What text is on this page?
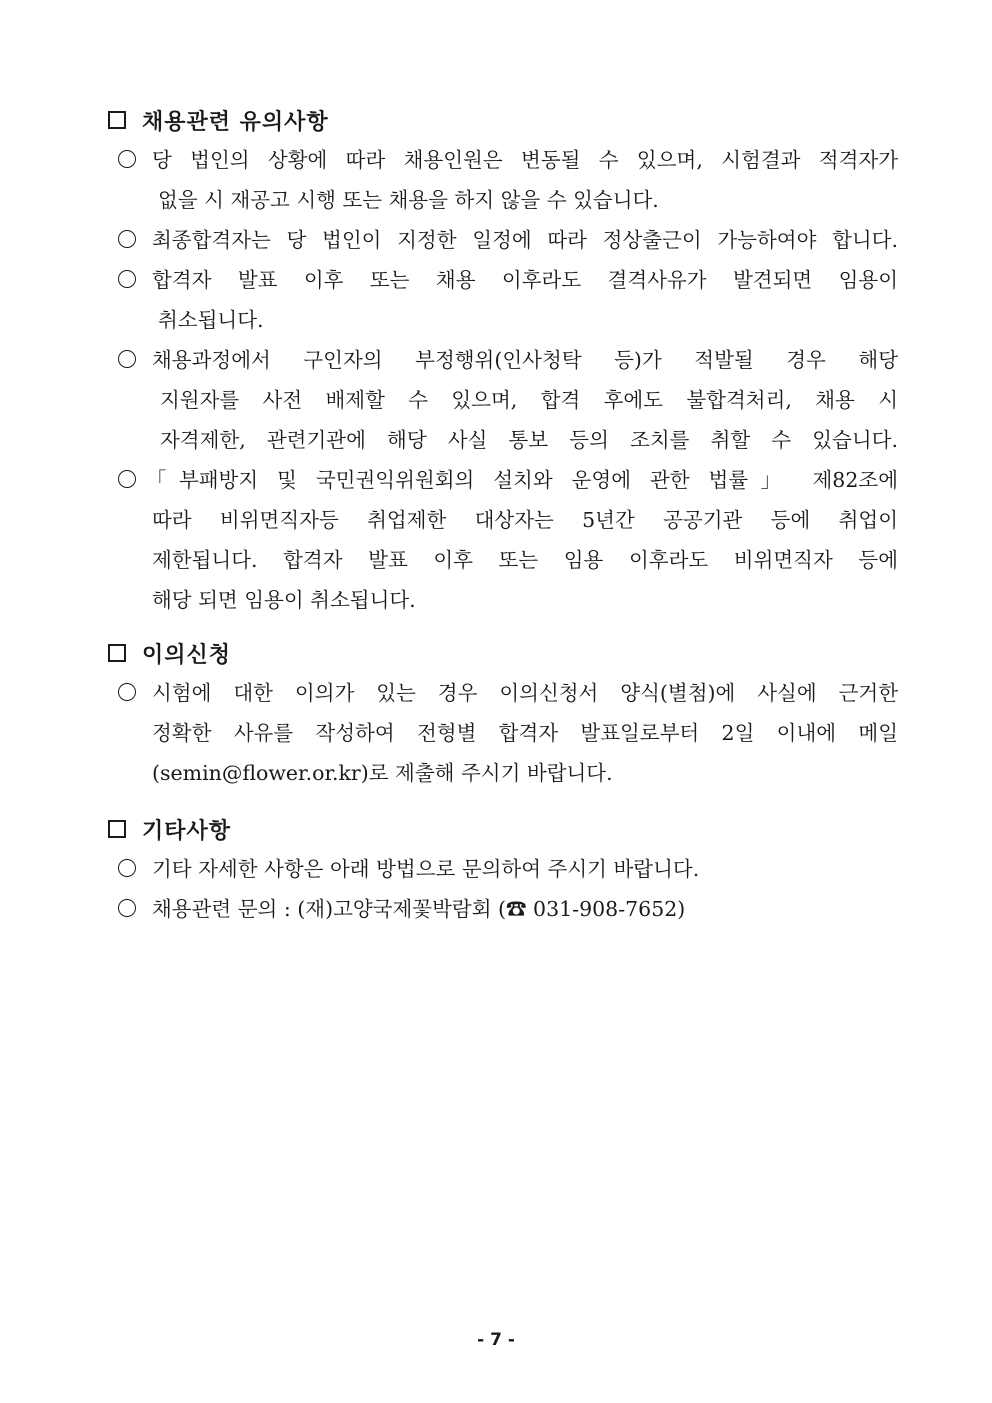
채용관련 유의사항
당 법인의 상황에 따라 채용인원은 변동될 수 있으며, 시험결과 적격자가
없을 시 재공고 시행 또는 채용을 하지 않을 수 있습니다.
최종합격자는 당 법인이 지정한 일정에 따라 정상출근이 가능하여야 합니다.
합격자 발표 이후 또는 채용 이후라도 결격사유가 발견되면 임용이
취소됩니다.
채용과정에서 구인자의 부정행위(인사청탁 등)가 적발될 경우 해당
지원자를 사전 배제할 수 있으며, 합격 후에도 불합격처리, 채용 시
자격제한, 관련기관에 해당 사실 통보 등의 조치를 취할 수 있습니다.
「부패방지 및 국민권익위원회의 설치와 운영에 관한 법률」 제82조에
따라 비위면직자등 취업제한 대상자는 5년간 공공기관 등에 취업이
제한됩니다. 합격자 발표 이후 또는 임용 이후라도 비위면직자 등에
해당 되면 임용이 취소됩니다.
이의신청
시험에 대한 이의가 있는 경우 이의신청서 양식(별첨)에 사실에 근거한
정확한 사유를 작성하여 전형별 합격자 발표일로부터 2일 이내에 메일
(semin@flower.or.kr)로 제출해 주시기 바랍니다.
기타사항
기타 자세한 사항은 아래 방법으로 문의하여 주시기 바랍니다.
채용관련 문의 : (재)고양국제꽃박람회 (☎ 031-908-7652)
- 7 -
